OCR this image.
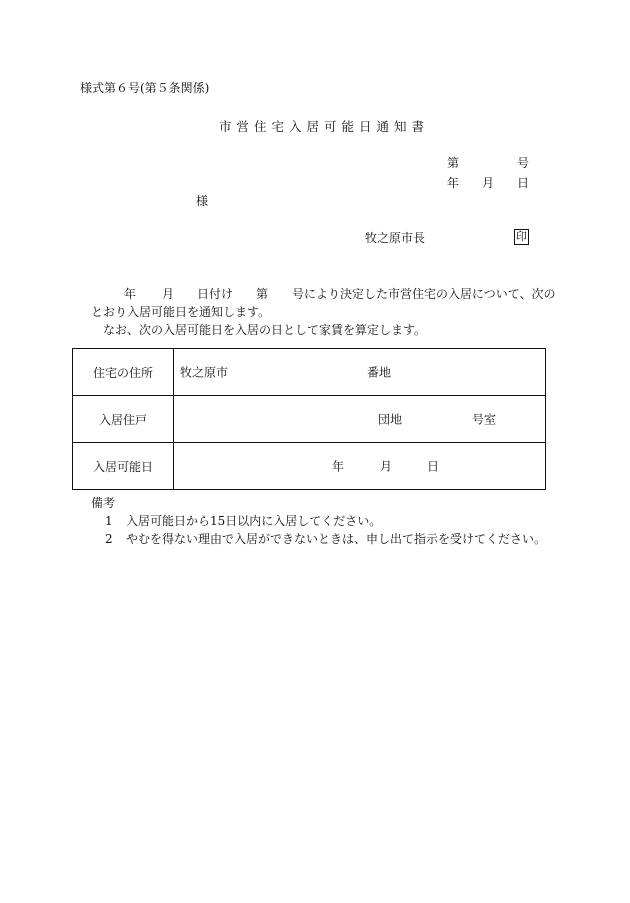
様式第６号(第５条関係)
市営住宅入居可能日通知書
第	号
年 月 日
様
牧之原市長	印
年 月 日付け 第 号により決定した市営住宅の入居について、次の
とおり入居可能日を通知します。
なお、次の入居可能日を入居の日として家賃を算定します。
住宅の住所	牧之原市 番地

入居住戸	団地 号室

入居可能日	年 月 日
備考
1 入居可能日から15日以内に入居してください。
2 やむを得ない理由で入居ができないときは、申し出て指示を受けてください。
